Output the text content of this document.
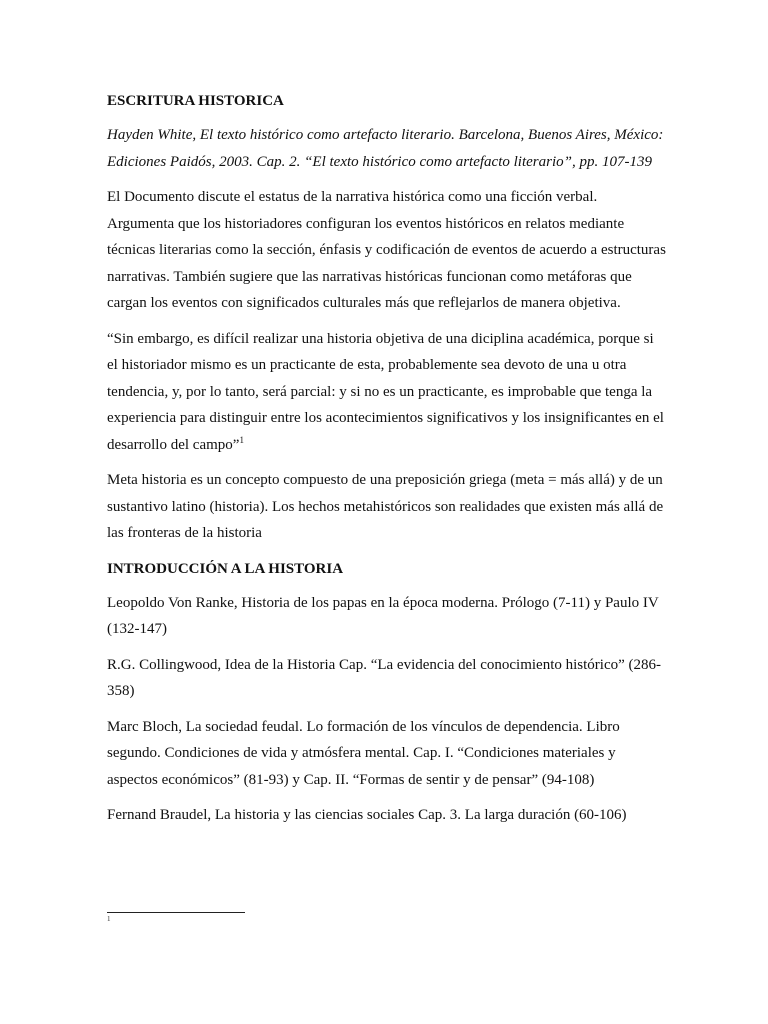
ESCRITURA HISTORICA

Hayden White, El texto histórico como artefacto literario. Barcelona, Buenos Aires, México: Ediciones Paidós, 2003. Cap. 2. “El texto histórico como artefacto literario”, pp. 107-139

El Documento discute el estatus de la narrativa histórica como una ficción verbal. Argumenta que los historiadores configuran los eventos históricos en relatos mediante técnicas literarias como la sección, énfasis y codificación de eventos de acuerdo a estructuras narrativas. También sugiere que las narrativas históricas funcionan como metáforas que cargan los eventos con significados culturales más que reflejarlos de manera objetiva.

“Sin embargo, es difícil realizar una historia objetiva de una diciplina académica, porque si el historiador mismo es un practicante de esta, probablemente sea devoto de una u otra tendencia, y, por lo tanto, será parcial: y si no es un practicante, es improbable que tenga la experiencia para distinguir entre los acontecimientos significativos y los insignificantes en el desarrollo del campo”$^1$

Meta historia es un concepto compuesto de una preposición griega (meta = más allá) y de un sustantivo latino (historia). Los hechos metahistóricos son realidades que existen más allá de las fronteras de la historia

INTRODUCCIÓN A LA HISTORIA

Leopoldo Von Ranke, Historia de los papas en la época moderna. Prólogo (7-11) y Paulo IV (132-147)

R.G. Collingwood, Idea de la Historia Cap. “La evidencia del conocimiento histórico” (286-358)

Marc Bloch, La sociedad feudal. Lo formación de los vínculos de dependencia. Libro segundo. Condiciones de vida y atmósfera mental. Cap. I. “Condiciones materiales y aspectos económicos” (81-93) y Cap. II. “Formas de sentir y de pensar” (94-108)

Fernand Braudel, La historia y las ciencias sociales Cap. 3. La larga duración (60-106)

1
